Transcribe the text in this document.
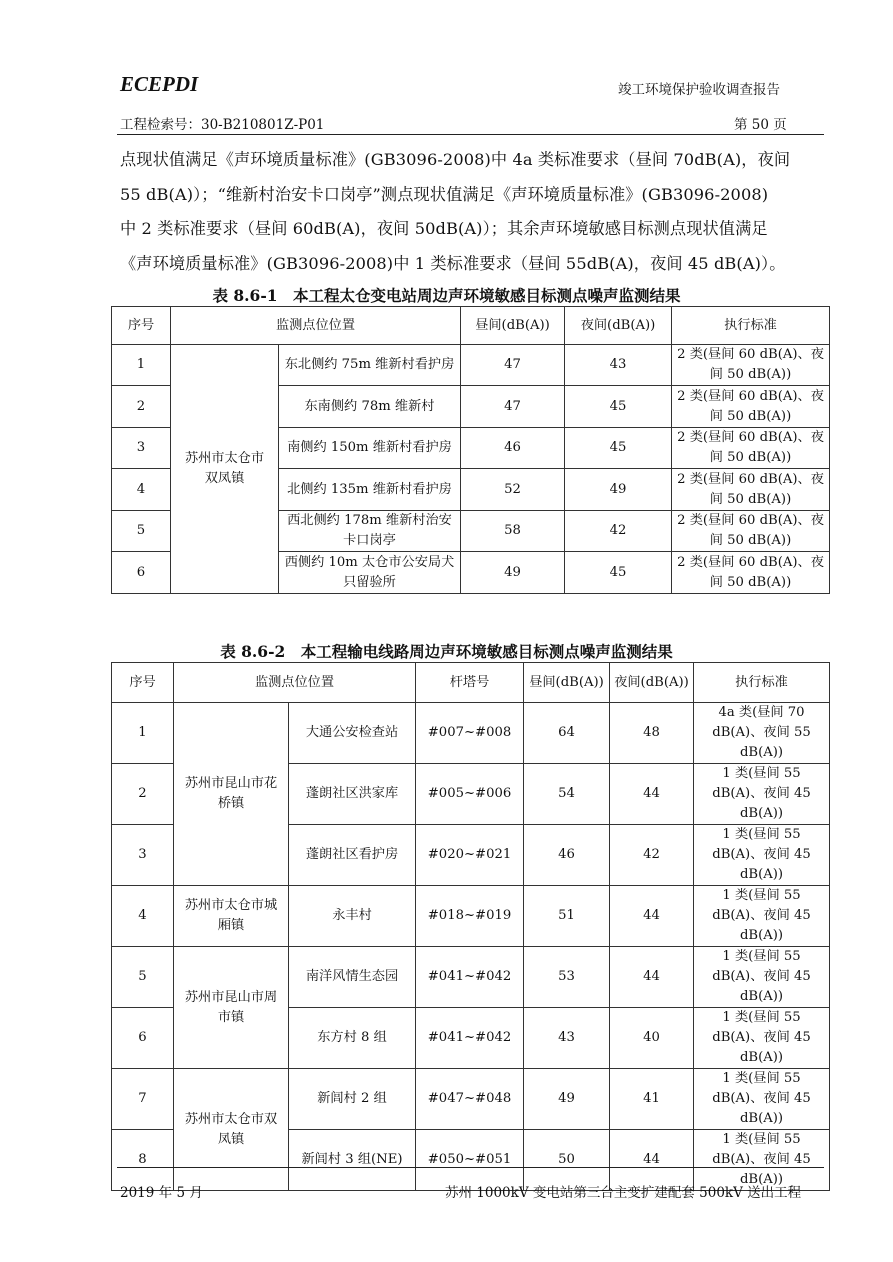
ECEPDI	竣工环境保护验收调查报告
工程检索号：30-B210801Z-P01	第 50 页

点现状值满足《声环境质量标准》(GB3096-2008)中 4a 类标准要求（昼间 70dB(A)，夜间

55 dB(A)）；“维新村治安卡口岗亭”测点现状值满足《声环境质量标准》(GB3096-2008)

中 2 类标准要求（昼间 60dB(A)，夜间 50dB(A)）；其余声环境敏感目标测点现状值满足

《声环境质量标准》(GB3096-2008)中 1 类标准要求（昼间 55dB(A)，夜间 45 dB(A)）。

表 8.6-1　本工程太仓变电站周边声环境敏感目标测点噪声监测结果
序号	监测点位位置		昼间(dB(A))	夜间(dB(A))	执行标准
1	苏州市太仓市双凤镇	东北侧约 75m 维新村看护房	47	43	2 类(昼间 60 dB(A)、夜间 50 dB(A))
2		东南侧约 78m 维新村	47	45	2 类(昼间 60 dB(A)、夜间 50 dB(A))
3		南侧约 150m 维新村看护房	46	45	2 类(昼间 60 dB(A)、夜间 50 dB(A))
4		北侧约 135m 维新村看护房	52	49	2 类(昼间 60 dB(A)、夜间 50 dB(A))
5		西北侧约 178m 维新村治安卡口岗亭	58	42	2 类(昼间 60 dB(A)、夜间 50 dB(A))
6		西侧约 10m 太仓市公安局犬只留验所	49	45	2 类(昼间 60 dB(A)、夜间 50 dB(A))
表 8.6-2　本工程输电线路周边声环境敏感目标测点噪声监测结果
序号	监测点位位置		杆塔号	昼间(dB(A))	夜间(dB(A))	执行标准
1	苏州市昆山市花桥镇	大通公安检查站	#007~#008	64	48	4a 类(昼间 70 dB(A)、夜间 55 dB(A))
2		蓬朗社区洪家库	#005~#006	54	44	1 类(昼间 55 dB(A)、夜间 45 dB(A))
3		蓬朗社区看护房	#020~#021	46	42	1 类(昼间 55 dB(A)、夜间 45 dB(A))
4	苏州市太仓市城厢镇	永丰村	#018~#019	51	44	1 类(昼间 55 dB(A)、夜间 45 dB(A))
5	苏州市昆山市周市镇	南洋风情生态园	#041~#042	53	44	1 类(昼间 55 dB(A)、夜间 45 dB(A))
6		东方村 8 组	#041~#042	43	40	1 类(昼间 55 dB(A)、夜间 45 dB(A))
7	苏州市太仓市双凤镇	新闾村 2 组	#047~#048	49	41	1 类(昼间 55 dB(A)、夜间 45 dB(A))
8		新闾村 3 组(NE)	#050~#051	50	44	1 类(昼间 55 dB(A)、夜间 45 dB(A))
2019 年 5 月	苏州 1000kV 变电站第三台主变扩建配套 500kV 送出工程
